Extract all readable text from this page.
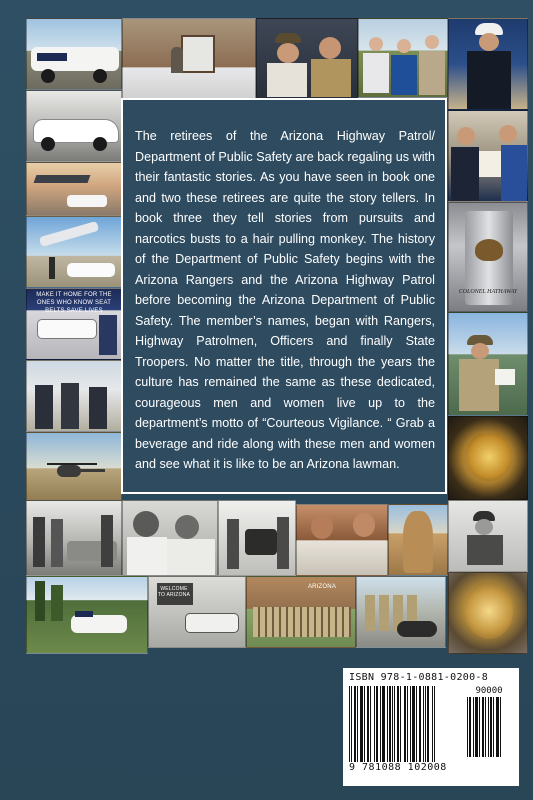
MAKE IT HOME FOR THE ONES WHO KNOW SEAT BELTS SAVE LIVES
COLONEL HATHAWAY

The retirees of the Arizona Highway Patrol/ Department of Public Safety are back regaling us with their fantastic stories. As you have seen in book one and two these retirees are quite the story tellers. In book three they tell stories from pursuits and narcotics busts to a hair pulling monkey. The history of the Department of Public Safety begins with the Arizona Rangers and the Arizona Highway Patrol before becoming the Arizona Department of Public Safety. The member’s names, began with Rangers, Highway Patrolmen, Officers and finally State Troopers. No matter the title, through the years the culture has remained the same as these dedicated, courageous men and women live up to the department’s motto of “Courteous Vigilance. “ Grab a beverage and ride along with these men and women and see what it is like to be an Arizona lawman.

WELCOME TO ARIZONA
ARIZONA
ISBN 978-1-0881-0200-8
90000
9 781088 102008
